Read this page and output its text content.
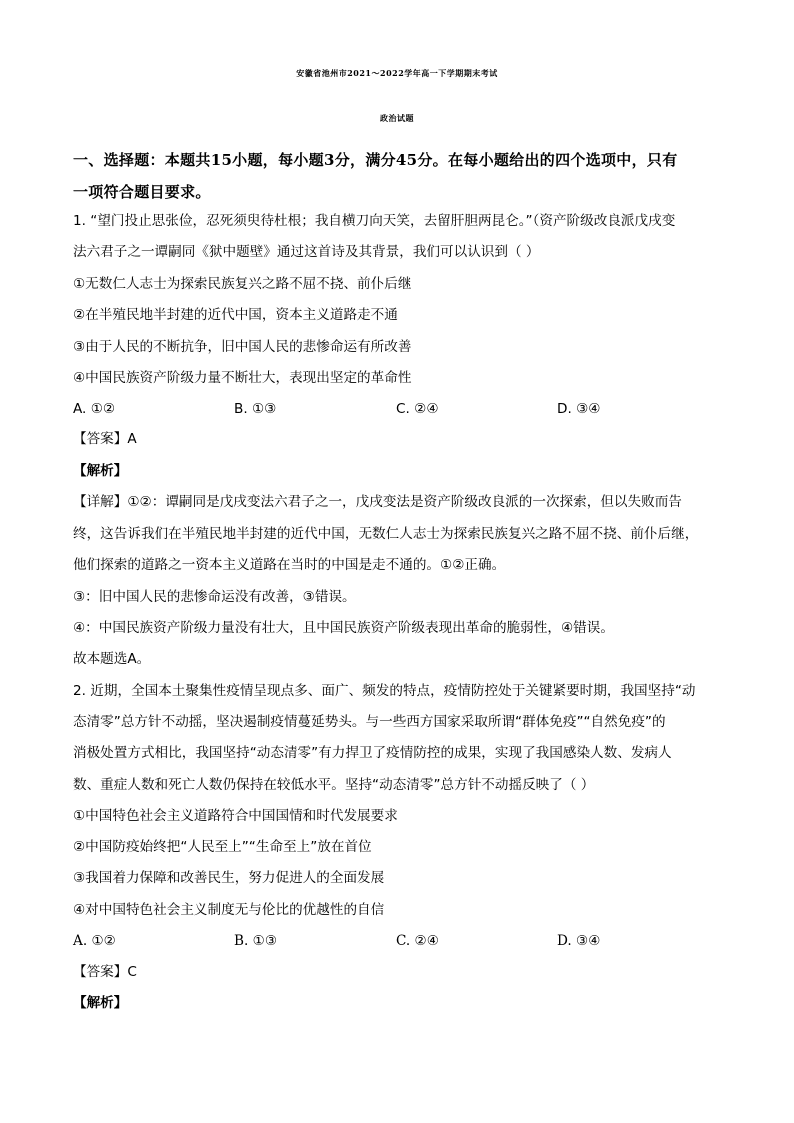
安徽省池州市2021～2022学年高一下学期期末考试
政治试题
一、选择题：本题共15小题，每小题3分，满分45分。在每小题给出的四个选项中，只有
一项符合题目要求。
1. “望门投止思张俭，忍死须臾待杜根；我自横刀向天笑，去留肝胆两昆仑。”（资产阶级改良派戊戌变
法六君子之一谭嗣同《狱中题壁》通过这首诗及其背景，我们可以认识到（ ）
①无数仁人志士为探索民族复兴之路不屈不挠、前仆后继
②在半殖民地半封建的近代中国，资本主义道路走不通
③由于人民的不断抗争，旧中国人民的悲惨命运有所改善
④中国民族资产阶级力量不断壮大，表现出坚定的革命性
A. ①②	B. ①③	C. ②④	D. ③④
【答案】A
【解析】
【详解】①②：谭嗣同是戊戌变法六君子之一，戊戌变法是资产阶级改良派的一次探索，但以失败而告
终，这告诉我们在半殖民地半封建的近代中国，无数仁人志士为探索民族复兴之路不屈不挠、前仆后继，
他们探索的道路之一资本主义道路在当时的中国是走不通的。①②正确。
③：旧中国人民的悲惨命运没有改善，③错误。
④：中国民族资产阶级力量没有壮大，且中国民族资产阶级表现出革命的脆弱性，④错误。
故本题选A。
2. 近期，全国本土聚集性疫情呈现点多、面广、频发的特点，疫情防控处于关键紧要时期，我国坚持“动
态清零”总方针不动摇，坚决遏制疫情蔓延势头。与一些西方国家采取所谓“群体免疫”“自然免疫”的
消极处置方式相比，我国坚持“动态清零”有力捍卫了疫情防控的成果，实现了我国感染人数、发病人
数、重症人数和死亡人数仍保持在较低水平。坚持“动态清零”总方针不动摇反映了（ ）
①中国特色社会主义道路符合中国国情和时代发展要求
②中国防疫始终把“人民至上”“生命至上”放在首位
③我国着力保障和改善民生，努力促进人的全面发展
④对中国特色社会主义制度无与伦比的优越性的自信
A. ①②	B. ①③	C. ②④	D. ③④
【答案】C
【解析】
